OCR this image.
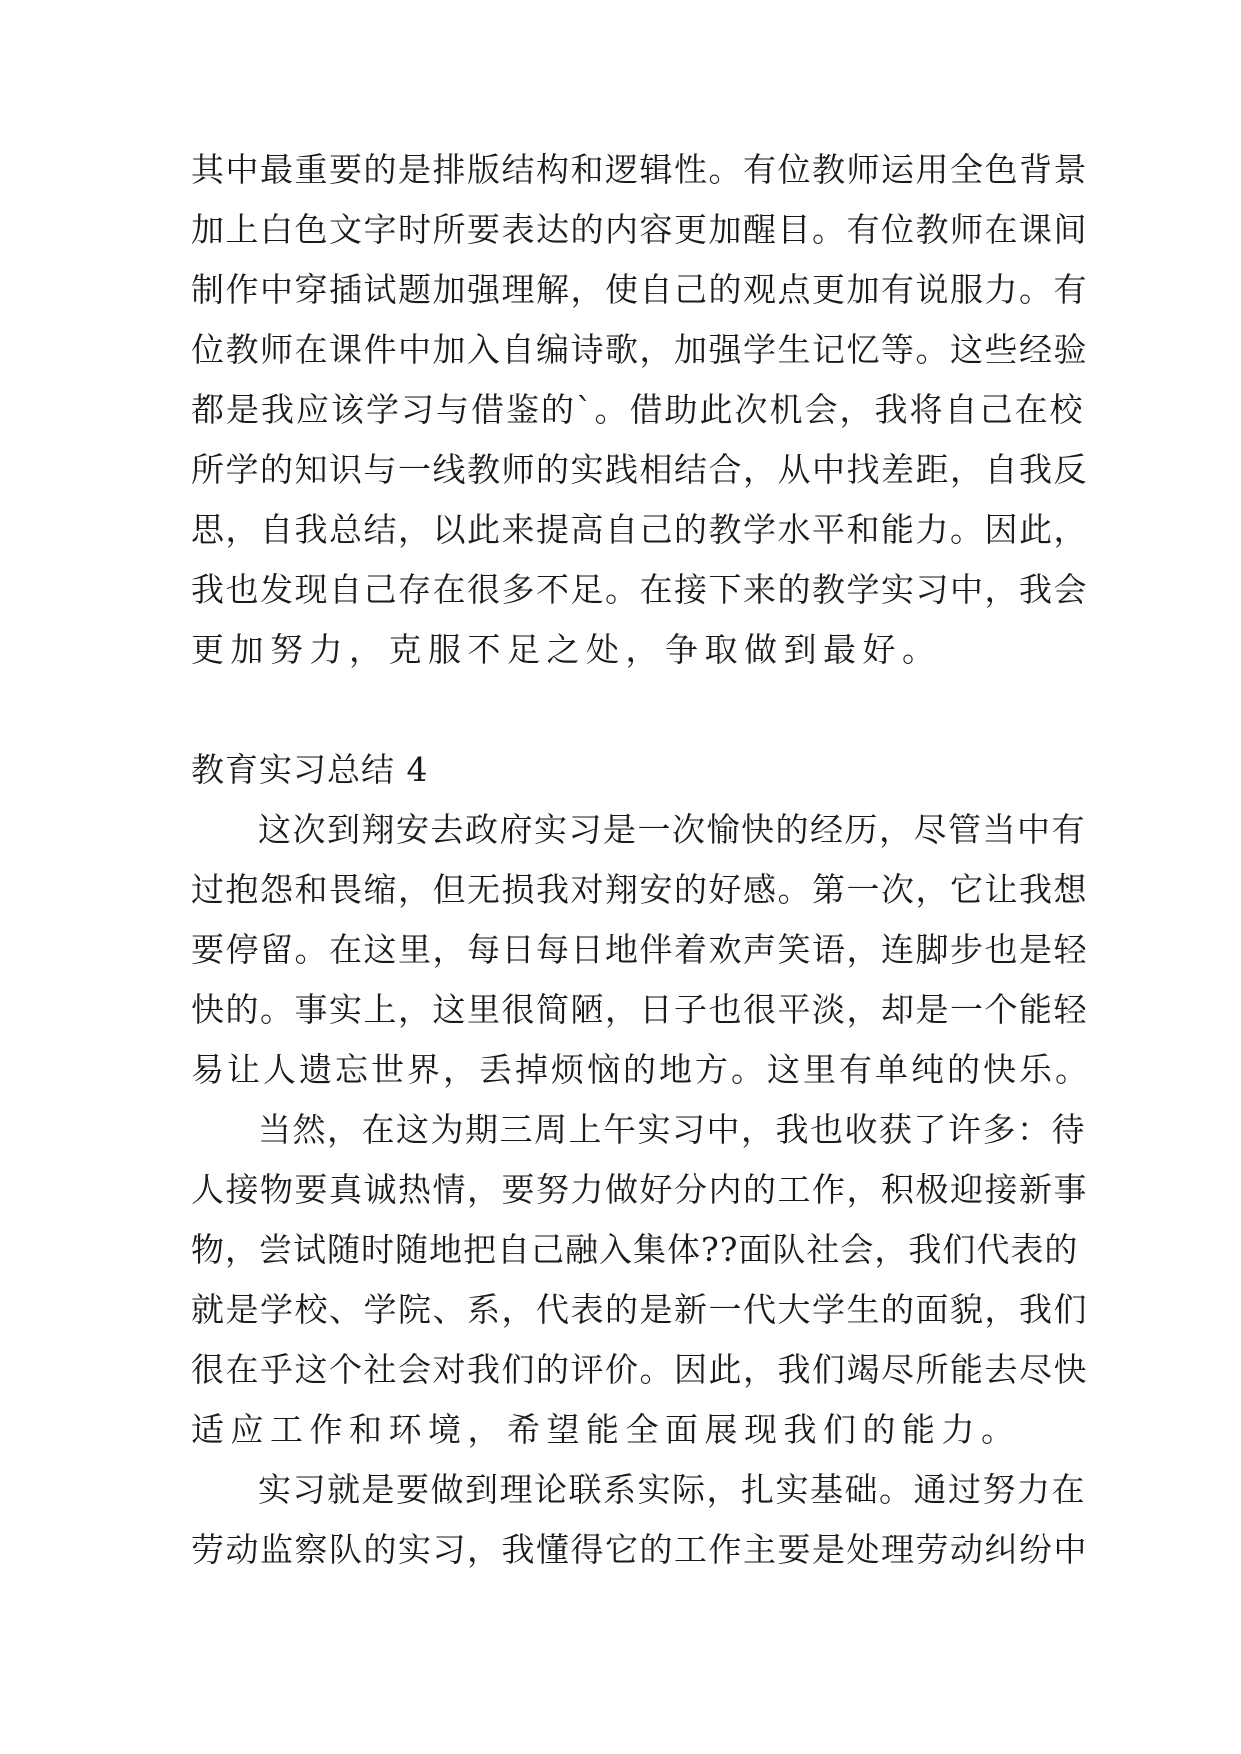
其中最重要的是排版结构和逻辑性。有位教师运用全色背景
加上白色文字时所要表达的内容更加醒目。有位教师在课间
制作中穿插试题加强理解，使自己的观点更加有说服力。有
位教师在课件中加入自编诗歌，加强学生记忆等。这些经验
都是我应该学习与借鉴的`。借助此次机会，我将自己在校
所学的知识与一线教师的实践相结合，从中找差距，自我反
思，自我总结，以此来提高自己的教学水平和能力。因此，
我也发现自己存在很多不足。在接下来的教学实习中，我会
更加努力，克服不足之处，争取做到最好。
教育实习总结 4
这次到翔安去政府实习是一次愉快的经历，尽管当中有
过抱怨和畏缩，但无损我对翔安的好感。第一次，它让我想
要停留。在这里，每日每日地伴着欢声笑语，连脚步也是轻
快的。事实上，这里很简陋，日子也很平淡，却是一个能轻
易让人遗忘世界，丢掉烦恼的地方。这里有单纯的快乐。
当然，在这为期三周上午实习中，我也收获了许多：待
人接物要真诚热情，要努力做好分内的工作，积极迎接新事
物，尝试随时随地把自己融入集体??面队社会，我们代表的
就是学校、学院、系，代表的是新一代大学生的面貌，我们
很在乎这个社会对我们的评价。因此，我们竭尽所能去尽快
适应工作和环境，希望能全面展现我们的能力。
实习就是要做到理论联系实际，扎实基础。通过努力在
劳动监察队的实习，我懂得它的工作主要是处理劳动纠纷中
